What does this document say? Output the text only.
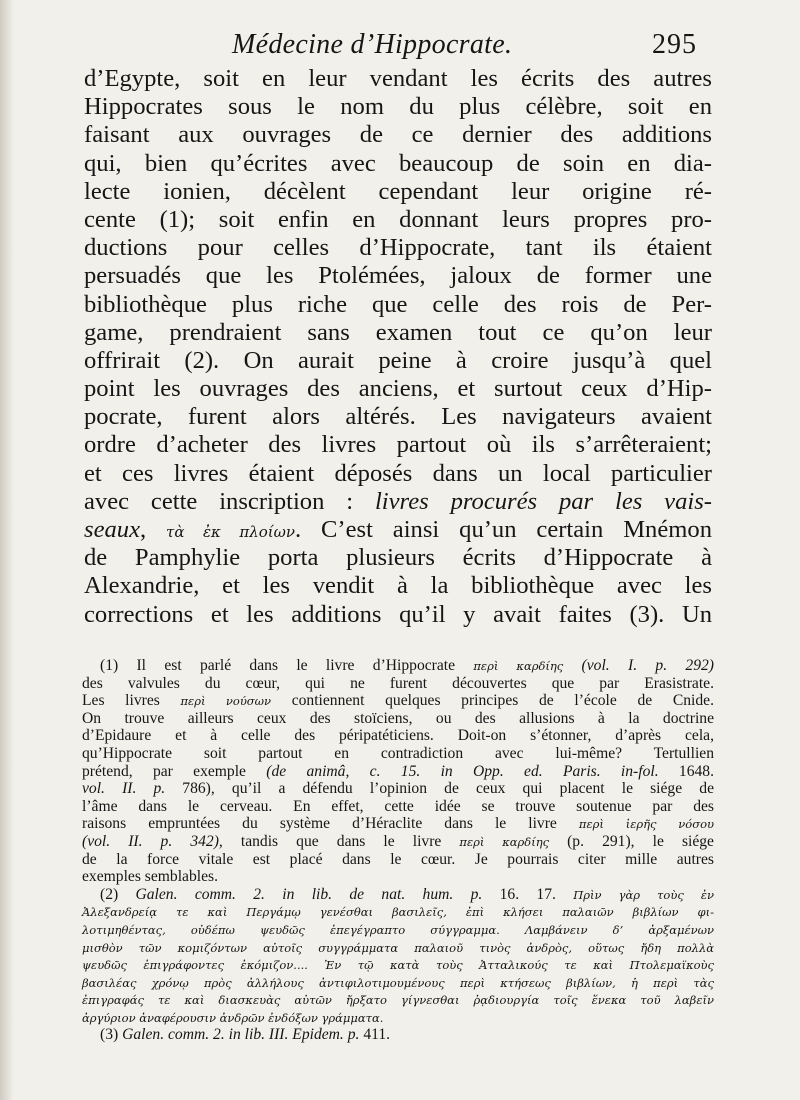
Médecine d’Hippocrate.	295
d’Egypte, soit en leur vendant les écrits des autres
Hippocrates sous le nom du plus célèbre, soit en
faisant aux ouvrages de ce dernier des additions
qui, bien qu’écrites avec beaucoup de soin en dia-
lecte ionien, décèlent cependant leur origine ré-
cente (1); soit enfin en donnant leurs propres pro-
ductions pour celles d’Hippocrate, tant ils étaient
persuadés que les Ptolémées, jaloux de former une
bibliothèque plus riche que celle des rois de Per-
game, prendraient sans examen tout ce qu’on leur
offrirait (2). On aurait peine à croire jusqu’à quel
point les ouvrages des anciens, et surtout ceux d’Hip-
pocrate, furent alors altérés. Les navigateurs avaient
ordre d’acheter des livres partout où ils s’arrêteraient;
et ces livres étaient déposés dans un local particulier
avec cette inscription : livres procurés par les vais-
seaux, τὰ ἐκ πλοίων. C’est ainsi qu’un certain Mnémon
de Pamphylie porta plusieurs écrits d’Hippocrate à
Alexandrie, et les vendit à la bibliothèque avec les
corrections et les additions qu’il y avait faites (3). Un
(1) Il est parlé dans le livre d’Hippocrate περὶ καρδίης (vol. I. p. 292)
des valvules du cœur, qui ne furent découvertes que par Erasistrate.
Les livres περὶ νούσων contiennent quelques principes de l’école de Cnide.
On trouve ailleurs ceux des stoïciens, ou des allusions à la doctrine
d’Epidaure et à celle des péripatéticiens. Doit-on s’étonner, d’après cela,
qu’Hippocrate soit partout en contradiction avec lui-même? Tertullien
prétend, par exemple (de animâ, c. 15. in Opp. ed. Paris. in-fol. 1648.
vol. II. p. 786), qu’il a défendu l’opinion de ceux qui placent le siége de
l’âme dans le cerveau. En effet, cette idée se trouve soutenue par des
raisons empruntées du système d’Héraclite dans le livre περὶ ἱερῆς νόσου
(vol. II. p. 342), tandis que dans le livre περὶ καρδίης (p. 291), le siége
de la force vitale est placé dans le cœur. Je pourrais citer mille autres
exemples semblables.
(2) Galen. comm. 2. in lib. de nat. hum. p. 16. 17. Πρὶν γὰρ τοὺς ἐν
Ἀλεξανδρείᾳ τε καὶ Περγάμῳ γενέσθαι βασιλεῖς, ἐπὶ κλήσει παλαιῶν βιβλίων φι-
λοτιμηθέντας, οὐδέπω ψευδῶς ἐπεγέγραπτο σύγγραμμα. Λαμβάνειν δ’ ἀρξαμένων
μισθὸν τῶν κομιζόντων αὐτοῖς συγγράμματα παλαιοῦ τινὸς ἀνδρὸς, οὕτως ἤδη πολλὰ
ψευδῶς ἐπιγράφοντες ἐκόμιζον.... Ἐν τῷ κατὰ τοὺς Ἀτταλικούς τε καὶ Πτολεμαϊκοὺς
βασιλέας χρόνῳ πρὸς ἀλλήλους ἀντιφιλοτιμουμένους περὶ κτήσεως βιβλίων, ἡ περὶ τὰς
ἐπιγραφάς τε καὶ διασκευὰς αὐτῶν ἤρξατο γίγνεσθαι ῥᾳδιουργία τοῖς ἕνεκα τοῦ λαβεῖν
ἀργύριον ἀναφέρουσιν ἀνδρῶν ἐνδόξων γράμματα.
(3) Galen. comm. 2. in lib. III. Epidem. p. 411.
